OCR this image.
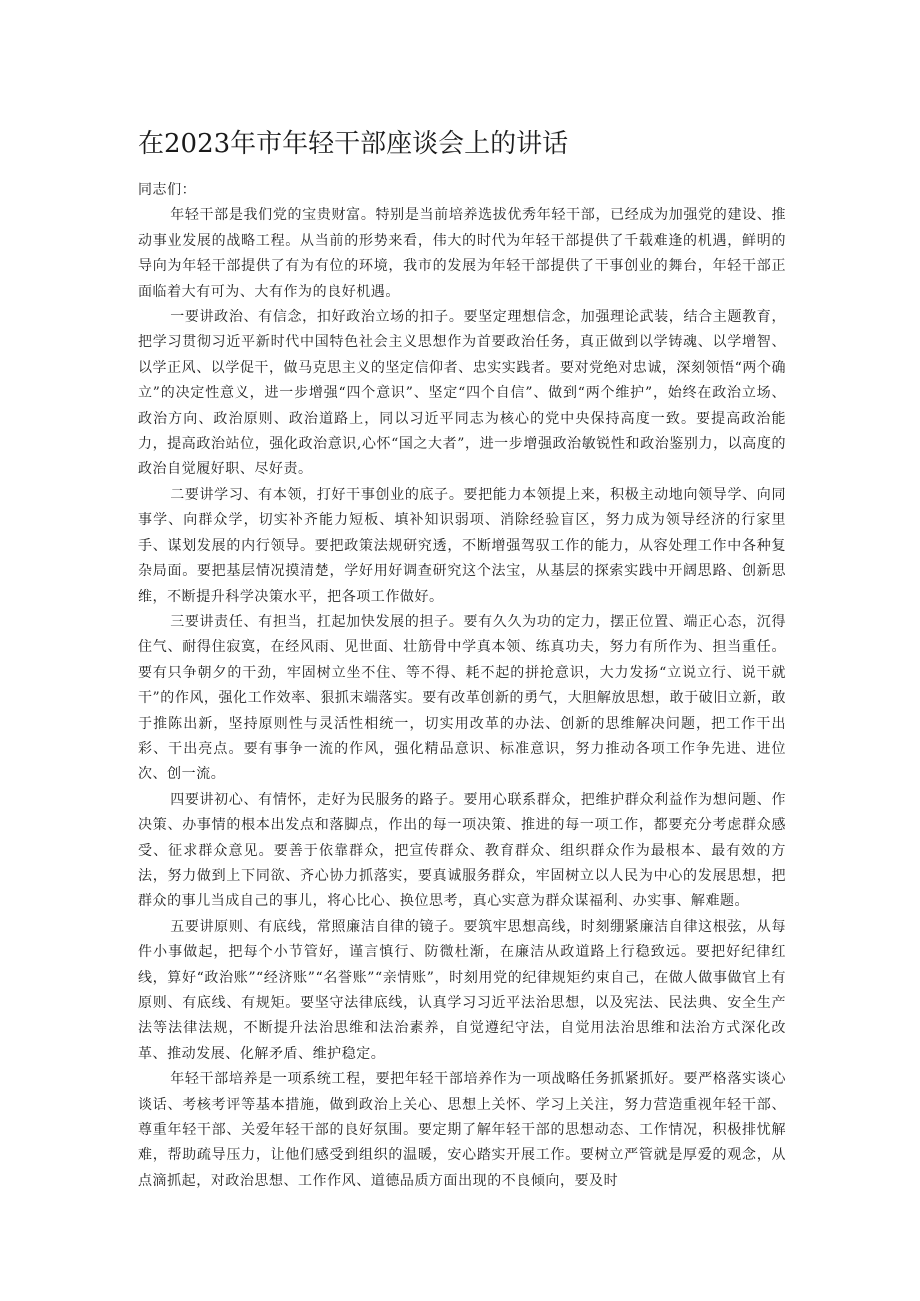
在2023年市年轻干部座谈会上的讲话

同志们：

年轻干部是我们党的宝贵财富。特别是当前培养选拔优秀年轻干部，已经成为加强党的建设、推动事业发展的战略工程。从当前的形势来看，伟大的时代为年轻干部提供了千载难逢的机遇，鲜明的导向为年轻干部提供了有为有位的环境，我市的发展为年轻干部提供了干事创业的舞台，年轻干部正面临着大有可为、大有作为的良好机遇。

一要讲政治、有信念，扣好政治立场的扣子。要坚定理想信念，加强理论武装，结合主题教育，把学习贯彻习近平新时代中国特色社会主义思想作为首要政治任务，真正做到以学铸魂、以学增智、以学正风、以学促干，做马克思主义的坚定信仰者、忠实实践者。要对党绝对忠诚，深刻领悟“两个确立”的决定性意义，进一步增强“四个意识”、坚定“四个自信”、做到“两个维护”，始终在政治立场、政治方向、政治原则、政治道路上，同以习近平同志为核心的党中央保持高度一致。要提高政治能力，提高政治站位，强化政治意识,心怀“国之大者”，进一步增强政治敏锐性和政治鉴别力，以高度的政治自觉履好职、尽好责。

二要讲学习、有本领，打好干事创业的底子。要把能力本领提上来，积极主动地向领导学、向同事学、向群众学，切实补齐能力短板、填补知识弱项、消除经验盲区，努力成为领导经济的行家里手、谋划发展的内行领导。要把政策法规研究透，不断增强驾驭工作的能力，从容处理工作中各种复杂局面。要把基层情况摸清楚，学好用好调查研究这个法宝，从基层的探索实践中开阔思路、创新思维，不断提升科学决策水平，把各项工作做好。

三要讲责任、有担当，扛起加快发展的担子。要有久久为功的定力，摆正位置、端正心态，沉得住气、耐得住寂寞，在经风雨、见世面、壮筋骨中学真本领、练真功夫，努力有所作为、担当重任。要有只争朝夕的干劲，牢固树立坐不住、等不得、耗不起的拼抢意识，大力发扬“立说立行、说干就干”的作风，强化工作效率、狠抓末端落实。要有改革创新的勇气，大胆解放思想，敢于破旧立新，敢于推陈出新，坚持原则性与灵活性相统一，切实用改革的办法、创新的思维解决问题，把工作干出彩、干出亮点。要有事争一流的作风，强化精品意识、标准意识，努力推动各项工作争先进、进位次、创一流。

四要讲初心、有情怀，走好为民服务的路子。要用心联系群众，把维护群众利益作为想问题、作决策、办事情的根本出发点和落脚点，作出的每一项决策、推进的每一项工作，都要充分考虑群众感受、征求群众意见。要善于依靠群众，把宣传群众、教育群众、组织群众作为最根本、最有效的方法，努力做到上下同欲、齐心协力抓落实，要真诚服务群众，牢固树立以人民为中心的发展思想，把群众的事儿当成自己的事儿，将心比心、换位思考，真心实意为群众谋福利、办实事、解难题。

五要讲原则、有底线，常照廉洁自律的镜子。要筑牢思想高线，时刻绷紧廉洁自律这根弦，从每件小事做起，把每个小节管好，谨言慎行、防微杜渐，在廉洁从政道路上行稳致远。要把好纪律红线，算好“政治账”“经济账”“名誉账”“亲情账”，时刻用党的纪律规矩约束自己，在做人做事做官上有原则、有底线、有规矩。要坚守法律底线，认真学习习近平法治思想，以及宪法、民法典、安全生产法等法律法规，不断提升法治思维和法治素养，自觉遵纪守法，自觉用法治思维和法治方式深化改革、推动发展、化解矛盾、维护稳定。

年轻干部培养是一项系统工程，要把年轻干部培养作为一项战略任务抓紧抓好。要严格落实谈心谈话、考核考评等基本措施，做到政治上关心、思想上关怀、学习上关注，努力营造重视年轻干部、尊重年轻干部、关爱年轻干部的良好氛围。要定期了解年轻干部的思想动态、工作情况，积极排忧解难，帮助疏导压力，让他们感受到组织的温暖，安心踏实开展工作。要树立严管就是厚爱的观念，从点滴抓起，对政治思想、工作作风、道德品质方面出现的不良倾向，要及时
